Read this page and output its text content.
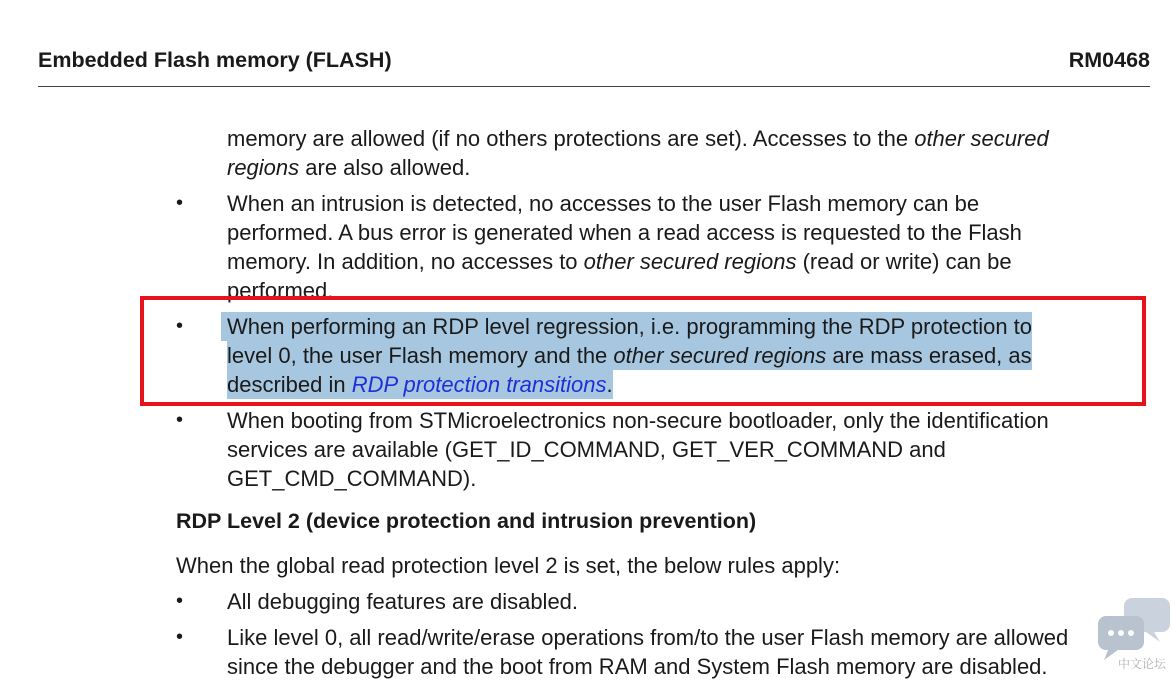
Embedded Flash memory (FLASH)	RM0468
memory are allowed (if no others protections are set). Accesses to the other secured
regions are also allowed.
• When an intrusion is detected, no accesses to the user Flash memory can be
performed. A bus error is generated when a read access is requested to the Flash
memory. In addition, no accesses to other secured regions (read or write) can be
performed.
• When performing an RDP level regression, i.e. programming the RDP protection to
level 0, the user Flash memory and the other secured regions are mass erased, as
described in RDP protection transitions.
• When booting from STMicroelectronics non-secure bootloader, only the identification
services are available (GET_ID_COMMAND, GET_VER_COMMAND and
GET_CMD_COMMAND).
RDP Level 2 (device protection and intrusion prevention)
When the global read protection level 2 is set, the below rules apply:
• All debugging features are disabled.
• Like level 0, all read/write/erase operations from/to the user Flash memory are allowed
since the debugger and the boot from RAM and System Flash memory are disabled.	中文论坛
